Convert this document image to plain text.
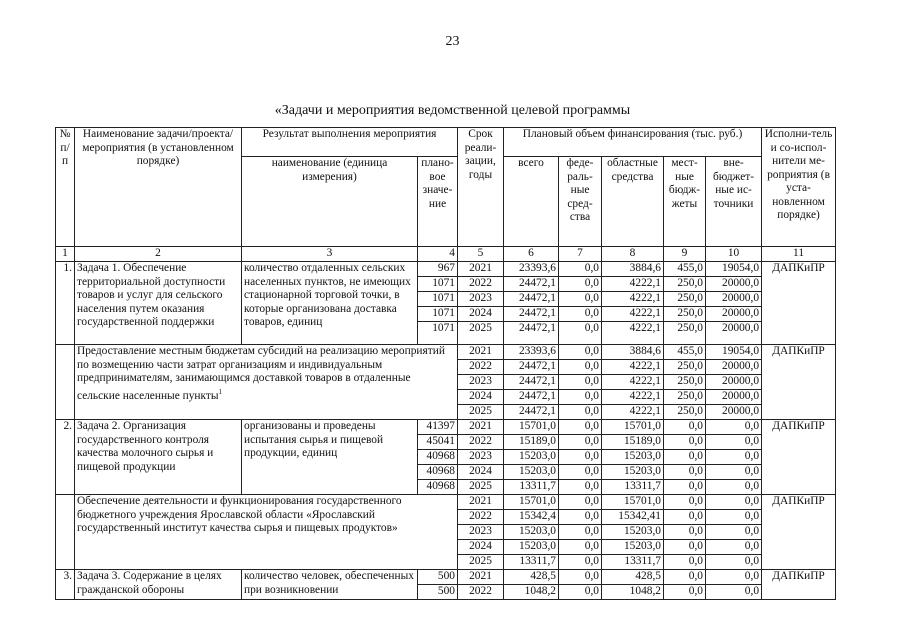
23
«Задачи и мероприятия ведомственной целевой программы
№ п/п	Наименование задачи/проекта/ мероприятия (в установленном порядке)	Результат выполнения мероприятия		Срок реали-зации, годы	Плановый объем финансирования (тыс. руб.)					Исполни-тель и со-испол-нители ме-роприятия (в уста-новленном порядке)
		наименование (единица измерения)	плано-вое значе-ние		всего	феде-раль-ные сред-ства	областные средства	мест-ные бюдж-жеты	вне-бюджет-ные ис-точники	
1	2	3	4	5	6	7	8	9	10	11
1.	Задача 1. Обеспечение территориальной доступности товаров и услуг для сельского населения путем оказания государственной поддержки	количество отдаленных сельских населенных пунктов, не имеющих стационарной торговой точки, в которые организована доставка товаров, единиц	967	2021	23393,6	0,0	3884,6	455,0	19054,0	ДАПКиПР
			1071	2022	24472,1	0,0	4222,1	250,0	20000,0	
			1071	2023	24472,1	0,0	4222,1	250,0	20000,0	
			1071	2024	24472,1	0,0	4222,1	250,0	20000,0	
			1071	2025	24472,1	0,0	4222,1	250,0	20000,0	
	Предоставление местным бюджетам субсидий на реализацию мероприятий по возмещению части затрат организациям и индивидуальным предпринимателям, занимающимся доставкой товаров в отдаленные сельские населенные пункты$^1$			2021	23393,6	0,0	3884,6	455,0	19054,0	ДАПКиПР
				2022	24472,1	0,0	4222,1	250,0	20000,0	
				2023	24472,1	0,0	4222,1	250,0	20000,0	
				2024	24472,1	0,0	4222,1	250,0	20000,0	
				2025	24472,1	0,0	4222,1	250,0	20000,0	
2.	Задача 2. Организация государственного контроля качества молочного сырья и пищевой продукции	организованы и проведены испытания сырья и пищевой продукции, единиц	41397	2021	15701,0	0,0	15701,0	0,0	0,0	ДАПКиПР
			45041	2022	15189,0	0,0	15189,0	0,0	0,0	
			40968	2023	15203,0	0,0	15203,0	0,0	0,0	
			40968	2024	15203,0	0,0	15203,0	0,0	0,0	
			40968	2025	13311,7	0,0	13311,7	0,0	0,0	
	Обеспечение деятельности и функционирования государственного бюджетного учреждения Ярославской области «Ярославский государственный институт качества сырья и пищевых продуктов»			2021	15701,0	0,0	15701,0	0,0	0,0	ДАПКиПР
				2022	15342,4	0,0	15342,41	0,0	0,0	
				2023	15203,0	0,0	15203,0	0,0	0,0	
				2024	15203,0	0,0	15203,0	0,0	0,0	
				2025	13311,7	0,0	13311,7	0,0	0,0	
3.	Задача 3. Содержание в целях гражданской обороны	количество человек, обеспеченных при возникновении	500	2021	428,5	0,0	428,5	0,0	0,0	ДАПКиПР
			500	2022	1048,2	0,0	1048,2	0,0	0,0	
